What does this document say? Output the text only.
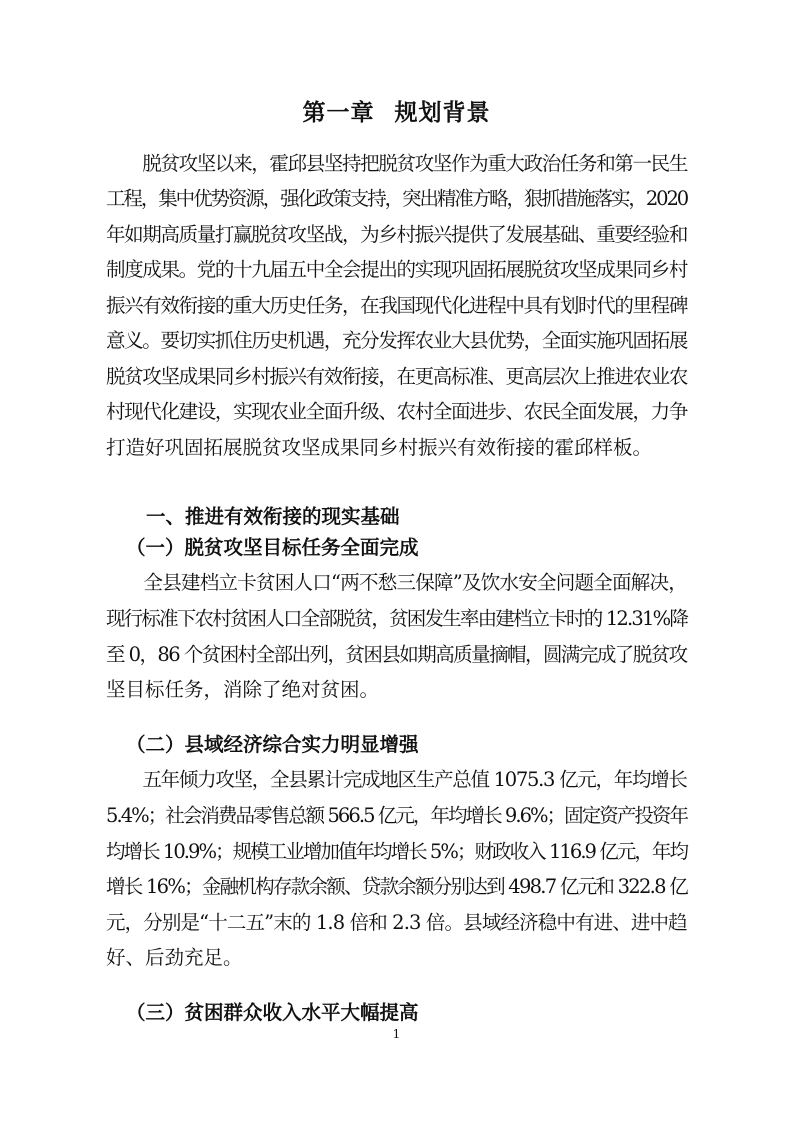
第一章 规划背景
　　脱贫攻坚以来，霍邱县坚持把脱贫攻坚作为重大政治任务和第一民生
工程，集中优势资源，强化政策支持，突出精准方略，狠抓措施落实，2020
年如期高质量打赢脱贫攻坚战，为乡村振兴提供了发展基础、重要经验和
制度成果。党的十九届五中全会提出的实现巩固拓展脱贫攻坚成果同乡村
振兴有效衔接的重大历史任务，在我国现代化进程中具有划时代的里程碑
意义。要切实抓住历史机遇，充分发挥农业大县优势，全面实施巩固拓展
脱贫攻坚成果同乡村振兴有效衔接，在更高标准、更高层次上推进农业农
村现代化建设，实现农业全面升级、农村全面进步、农民全面发展，力争
打造好巩固拓展脱贫攻坚成果同乡村振兴有效衔接的霍邱样板。
一、推进有效衔接的现实基础
（一）脱贫攻坚目标任务全面完成
　　全县建档立卡贫困人口“两不愁三保障”及饮水安全问题全面解决，
现行标准下农村贫困人口全部脱贫，贫困发生率由建档立卡时的 12.31%降
至 0，86 个贫困村全部出列，贫困县如期高质量摘帽，圆满完成了脱贫攻
坚目标任务，消除了绝对贫困。
（二）县域经济综合实力明显增强
　　五年倾力攻坚，全县累计完成地区生产总值 1075.3 亿元，年均增长
5.4%；社会消费品零售总额 566.5 亿元，年均增长 9.6%；固定资产投资年
均增长 10.9%；规模工业增加值年均增长 5%；财政收入 116.9 亿元，年均
增长 16%；金融机构存款余额、贷款余额分别达到 498.7 亿元和 322.8 亿
元，分别是“十二五”末的 1.8 倍和 2.3 倍。县域经济稳中有进、进中趋
好、后劲充足。
（三）贫困群众收入水平大幅提高
1
